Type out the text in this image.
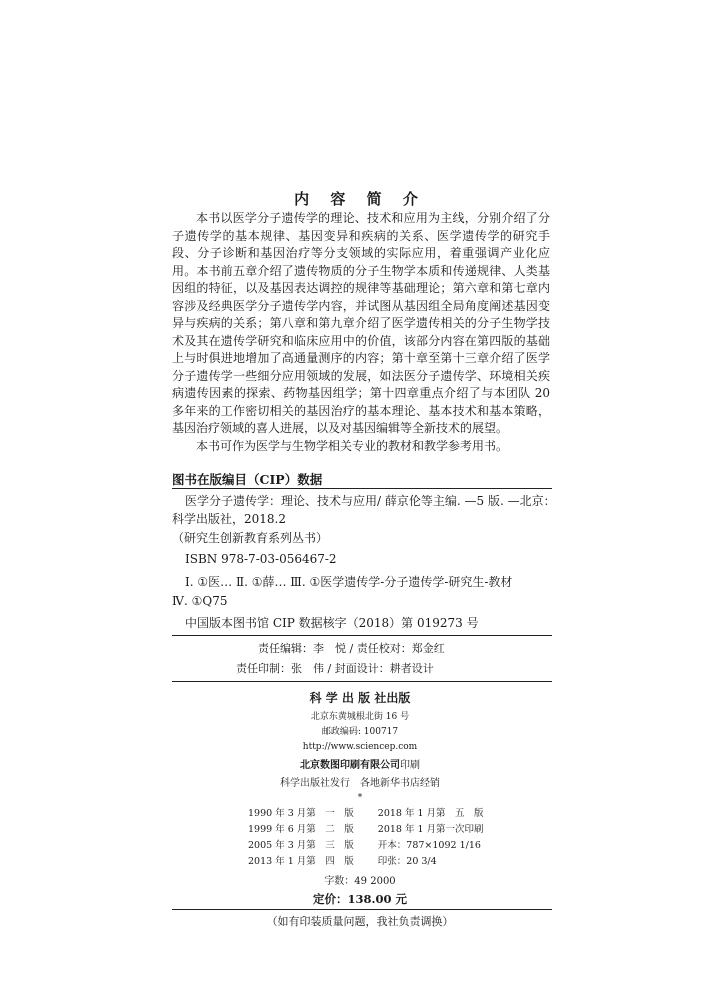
内 容 简 介

本书以医学分子遗传学的理论、技术和应用为主线，分别介绍了分子遗传学的基本规律、基因变异和疾病的关系、医学遗传学的研究手段、分子诊断和基因治疗等分支领域的实际应用，着重强调产业化应用。本书前五章介绍了遗传物质的分子生物学本质和传递规律、人类基因组的特征，以及基因表达调控的规律等基础理论；第六章和第七章内容涉及经典医学分子遗传学内容，并试图从基因组全局角度阐述基因变异与疾病的关系；第八章和第九章介绍了医学遗传相关的分子生物学技术及其在遗传学研究和临床应用中的价值，该部分内容在第四版的基础上与时俱进地增加了高通量测序的内容；第十章至第十三章介绍了医学分子遗传学一些细分应用领域的发展，如法医分子遗传学、环境相关疾病遗传因素的探索、药物基因组学；第十四章重点介绍了与本团队 20 多年来的工作密切相关的基因治疗的基本理论、基本技术和基本策略，基因治疗领域的喜人进展，以及对基因编辑等全新技术的展望。

本书可作为医学与生物学相关专业的教材和教学参考用书。

图书在版编目（CIP）数据
医学分子遗传学：理论、技术与应用/ 薛京伦等主编. —5 版. —北京：
科学出版社，2018.2
（研究生创新教育系列丛书）
ISBN 978-7-03-056467-2
Ⅰ. ①医… Ⅱ. ①薛… Ⅲ. ①医学遗传学-分子遗传学-研究生-教材
Ⅳ. ①Q75
中国版本图书馆 CIP 数据核字（2018）第 019273 号
责任编辑：李　悦 / 责任校对：郑金红
责任印制：张　伟 / 封面设计：耕者设计
科 学 出 版 社出版
北京东黄城根北街 16 号
邮政编码: 100717
http://www.sciencep.com
北京数图印刷有限公司印刷
科学出版社发行　各地新华书店经销
*
1990 年 3 月第　一　版	2018 年 1 月第　五　版
1999 年 6 月第　二　版	2018 年 1 月第一次印刷
2005 年 3 月第　三　版	开本：787×1092 1/16
2013 年 1 月第　四　版	印张：20 3/4
字数：49 2000
定价：138.00 元
（如有印装质量问题，我社负责调换）
